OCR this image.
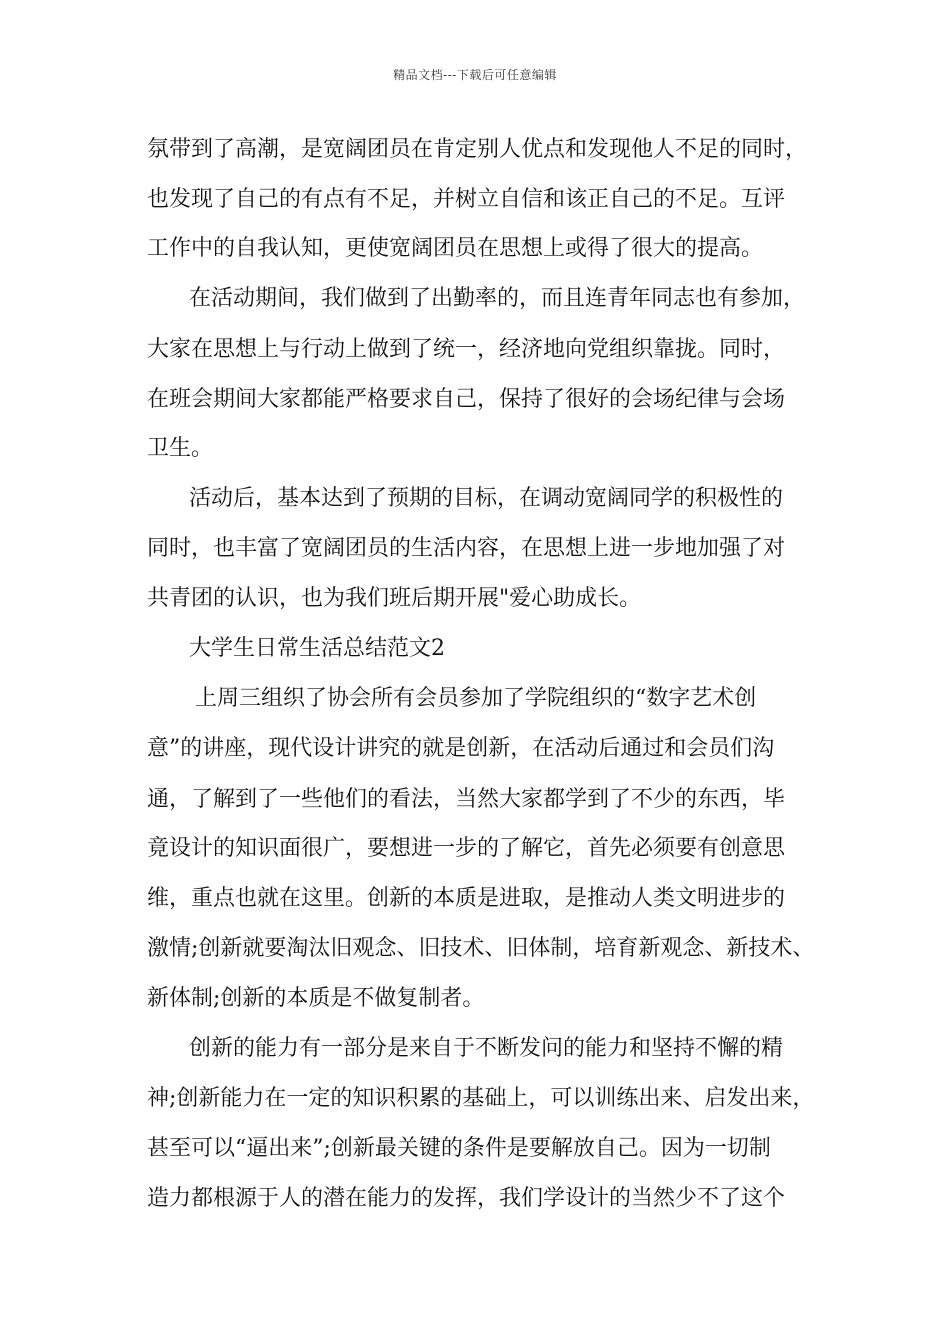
精品文档---下载后可任意编辑
氛带到了高潮，是宽阔团员在肯定别人优点和发现他人不足的同时，
也发现了自己的有点有不足，并树立自信和该正自己的不足。互评
工作中的自我认知，更使宽阔团员在思想上或得了很大的提高。
在活动期间，我们做到了出勤率的，而且连青年同志也有参加，
大家在思想上与行动上做到了统一，经济地向党组织靠拢。同时，
在班会期间大家都能严格要求自己，保持了很好的会场纪律与会场
卫生。
活动后，基本达到了预期的目标，在调动宽阔同学的积极性的
同时，也丰富了宽阔团员的生活内容，在思想上进一步地加强了对
共青团的认识，也为我们班后期开展"爱心助成长。
大学生日常生活总结范文2
上周三组织了协会所有会员参加了学院组织的“数字艺术创
意”的讲座，现代设计讲究的就是创新，在活动后通过和会员们沟
通，了解到了一些他们的看法，当然大家都学到了不少的东西，毕
竟设计的知识面很广，要想进一步的了解它，首先必须要有创意思
维，重点也就在这里。创新的本质是进取，是推动人类文明进步的
激情;创新就要淘汰旧观念、旧技术、旧体制，培育新观念、新技术、
新体制;创新的本质是不做复制者。
创新的能力有一部分是来自于不断发问的能力和坚持不懈的精
神;创新能力在一定的知识积累的基础上，可以训练出来、启发出来，
甚至可以“逼出来”;创新最关键的条件是要解放自己。因为一切制
造力都根源于人的潜在能力的发挥，我们学设计的当然少不了这个
